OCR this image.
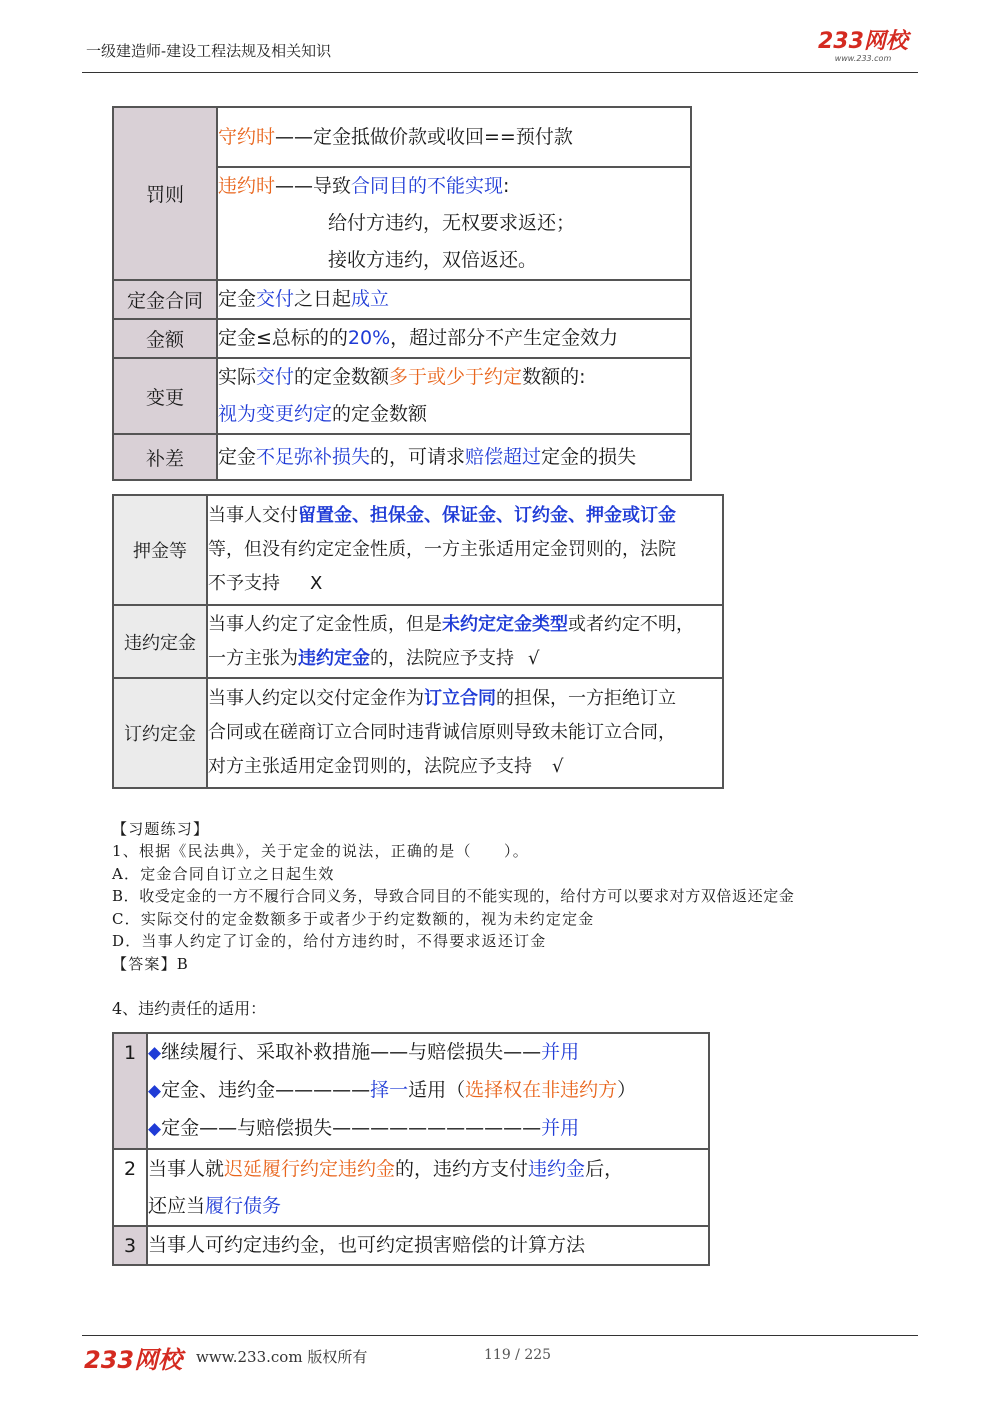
一级建造师-建设工程法规及相关知识	233网校
www.233.com
罚则	守约时——定金抵做价款或收回==预付款

	违约时——导致合同目的不能实现:
给付方违约，无权要求返还；
接收方违约，双倍返还。

定金合同	定金交付之日起成立
金额	定金≤总标的的20%，超过部分不产生定金效力
变更	实际交付的定金数额多于或少于约定数额的:
视为变更约定的定金数额

补差	定金不足弥补损失的，可请求赔偿超过定金的损失
押金等	当事人交付留置金、担保金、保证金、订约金、押金或订金
等，但没有约定定金性质，一方主张适用定金罚则的，法院
不予支持 X

违约定金	当事人约定了定金性质，但是未约定定金类型或者约定不明，
一方主张为违约定金的，法院应予支持 √

订约定金	当事人约定以交付定金作为订立合同的担保，一方拒绝订立
合同或在磋商订立合同时违背诚信原则导致未能订立合同，
对方主张适用定金罚则的，法院应予支持 √
【习题练习】
1、根据《民法典》，关于定金的说法，正确的是（　　）。
A．定金合同自订立之日起生效
B．收受定金的一方不履行合同义务，导致合同目的不能实现的，给付方可以要求对方双倍返还定金
C．实际交付的定金数额多于或者少于约定数额的，视为未约定定金
D．当事人约定了订金的，给付方违约时，不得要求返还订金
【答案】B
4、违约责任的适用：
1	◆继续履行、采取补救措施——与赔偿损失——并用
◆定金、违约金—————择一适用（选择权在非违约方）
◆定金——与赔偿损失———————————并用

2	当事人就迟延履行约定违约金的，违约方支付违约金后，
还应当履行债务

3	当事人可约定违约金，也可约定损害赔偿的计算方法
233网校 www.233.com 版权所有	119 / 225
